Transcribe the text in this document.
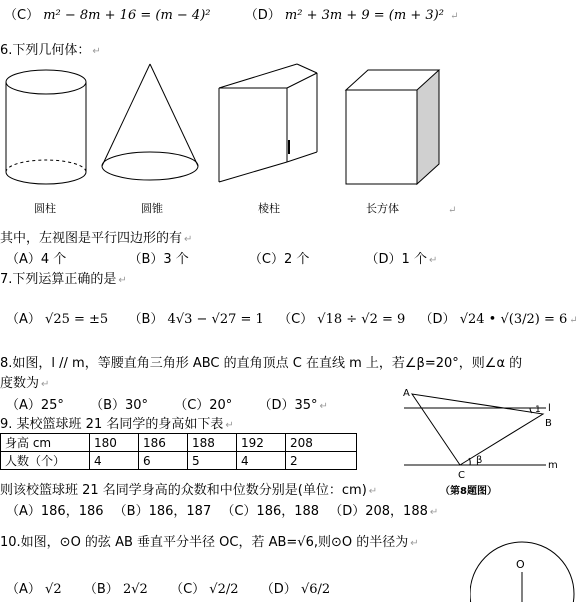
（C） m² − 8m + 16 = (m − 4)²	（D） m² + 3m + 9 = (m + 3)² ↵
6.下列几何体： ↵
圆柱	圆锥	棱柱	长方体	↵
其中，左视图是平行四边形的有 ↵
（A）4 个	（B）3 个	（C）2 个	（D）1 个 ↵
7.下列运算正确的是 ↵
（A） √25 = ±5 （B） 4√3 − √27 = 1 （C） √18 ÷ √2 = 9 （D） √24 • √(3/2) = 6 ↵
8.如图，l // m，等腰直角三角形 ABC 的直角顶点 C 在直线 m 上，若∠β=20°，则∠α 的
度数为 ↵
（A）25° （B）30° （C）20° （D）35° ↵
A
B
C
l
m
1
β
（第8题图）
9. 某校篮球班 21 名同学的身高如下表 ↵
身高 cm	180	186	188	192	208
人数（个）	4	6	5	4	2
则该校篮球班 21 名同学身高的众数和中位数分别是(单位：cm) ↵
（A）186，186 （B）186，187 （C）186，188 （D）208，188 ↵
10.如图，⊙O 的弦 AB 垂直平分半径 OC，若 AB=√6,则⊙O 的半径为 ↵
（A） √2 （B） 2√2 （C） √2/2 （D） √6/2
O
